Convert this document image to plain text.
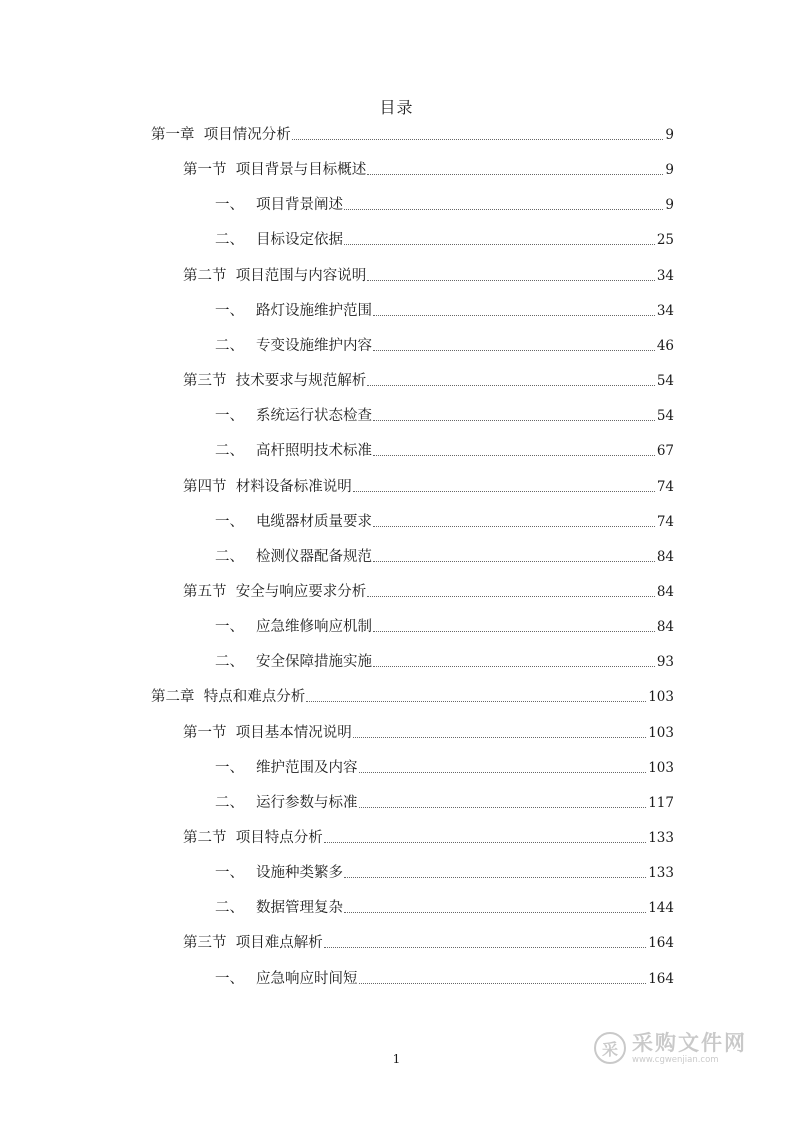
目录
第一章 项目情况分析	9
第一节 项目背景与目标概述	9
一、 项目背景阐述	9
二、 目标设定依据	25
第二节 项目范围与内容说明	34
一、 路灯设施维护范围	34
二、 专变设施维护内容	46
第三节 技术要求与规范解析	54
一、 系统运行状态检查	54
二、 高杆照明技术标准	67
第四节 材料设备标准说明	74
一、 电缆器材质量要求	74
二、 检测仪器配备规范	84
第五节 安全与响应要求分析	84
一、 应急维修响应机制	84
二、 安全保障措施实施	93
第二章 特点和难点分析	103
第一节 项目基本情况说明	103
一、 维护范围及内容	103
二、 运行参数与标准	117
第二节 项目特点分析	133
一、 设施种类繁多	133
二、 数据管理复杂	144
第三节 项目难点解析	164
一、 应急响应时间短	164
1
采 采购文件网
www.cgwenjian.com
